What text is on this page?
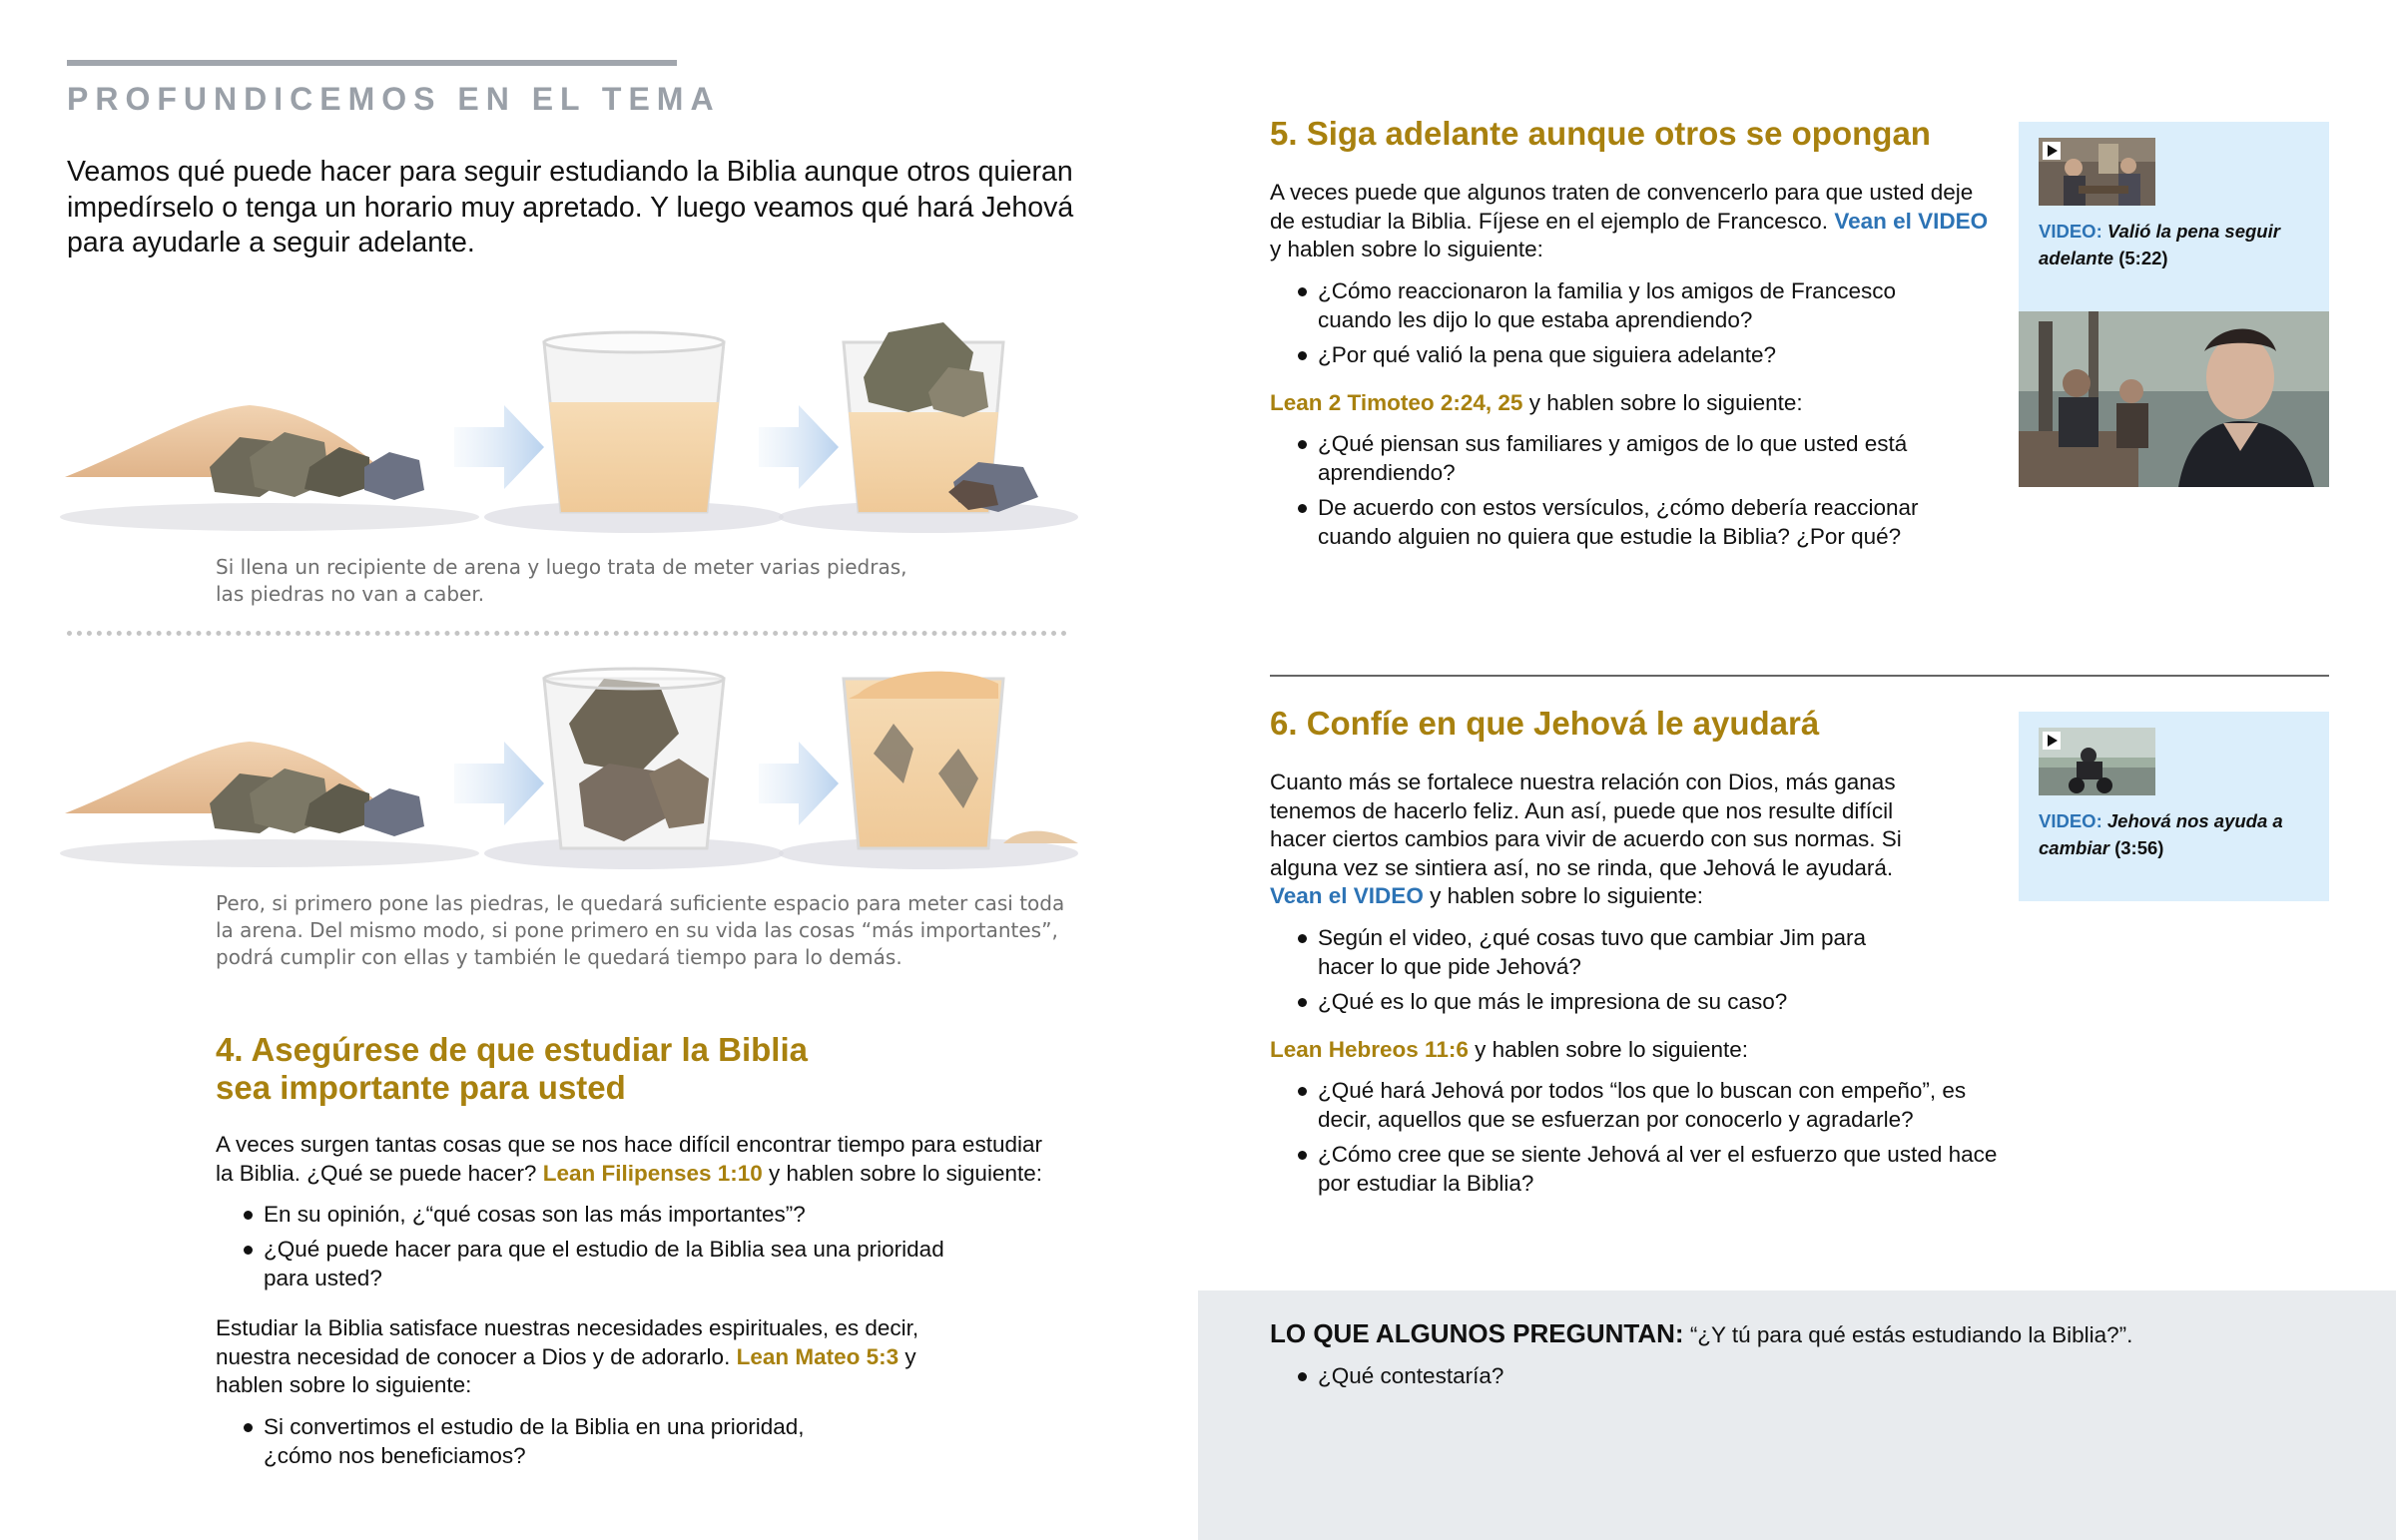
PROFUNDICEMOS EN EL TEMA

Veamos qué puede hacer para seguir estudiando la Biblia aunque otros quieran impedírselo o tenga un horario muy apretado. Y luego veamos qué hará Jehová para ayudarle a seguir adelante.

Si llena un recipiente de arena y luego trata de meter varias piedras,
las piedras no van a caber.
Pero, si primero pone las piedras, le quedará suficiente espacio para meter casi toda
la arena. Del mismo modo, si pone primero en su vida las cosas “más importantes”,
podrá cumplir con ellas y también le quedará tiempo para lo demás.
4. Asegúrese de que estudiar la Biblia
sea importante para usted

A veces surgen tantas cosas que se nos hace difícil encontrar tiempo para estudiar la Biblia. ¿Qué se puede hacer? Lean Filipenses 1:10 y hablen sobre lo siguiente:

En su opinión, ¿“qué cosas son las más importantes”?
¿Qué puede hacer para que el estudio de la Biblia sea una prioridad para usted?

Estudiar la Biblia satisface nuestras necesidades espirituales, es decir, nuestra necesidad de conocer a Dios y de adorarlo. Lean Mateo 5:3 y hablen sobre lo siguiente:

Si convertimos el estudio de la Biblia en una prioridad, ¿cómo nos beneficiamos?
5. Siga adelante aunque otros se opongan

A veces puede que algunos traten de convencerlo para que usted deje de estudiar la Biblia. Fíjese en el ejemplo de Francesco. Vean el VIDEO y hablen sobre lo siguiente:

¿Cómo reaccionaron la familia y los amigos de Francesco cuando les dijo lo que estaba aprendiendo?
¿Por qué valió la pena que siguiera adelante?

Lean 2 Timoteo 2:24, 25 y hablen sobre lo siguiente:

¿Qué piensan sus familiares y amigos de lo que usted está aprendiendo?
De acuerdo con estos versículos, ¿cómo debería reaccionar cuando alguien no quiera que estudie la Biblia? ¿Por qué?
VIDEO: Valió la pena seguir adelante (5:22)
6. Confíe en que Jehová le ayudará

Cuanto más se fortalece nuestra relación con Dios, más ganas tenemos de hacerlo feliz. Aun así, puede que nos resulte difícil hacer ciertos cambios para vivir de acuerdo con sus normas. Si alguna vez se sintiera así, no se rinda, que Jehová le ayudará. Vean el VIDEO y hablen sobre lo siguiente:

Según el video, ¿qué cosas tuvo que cambiar Jim para hacer lo que pide Jehová?
¿Qué es lo que más le impresiona de su caso?

Lean Hebreos 11:6 y hablen sobre lo siguiente:

¿Qué hará Jehová por todos “los que lo buscan con empeño”, es decir, aquellos que se esfuerzan por conocerlo y agradarle?
¿Cómo cree que se siente Jehová al ver el esfuerzo que usted hace por estudiar la Biblia?
VIDEO: Jehová nos ayuda a cambiar (3:56)

LO QUE ALGUNOS PREGUNTAN: “¿Y tú para qué estás estudiando la Biblia?”.

¿Qué contestaría?
